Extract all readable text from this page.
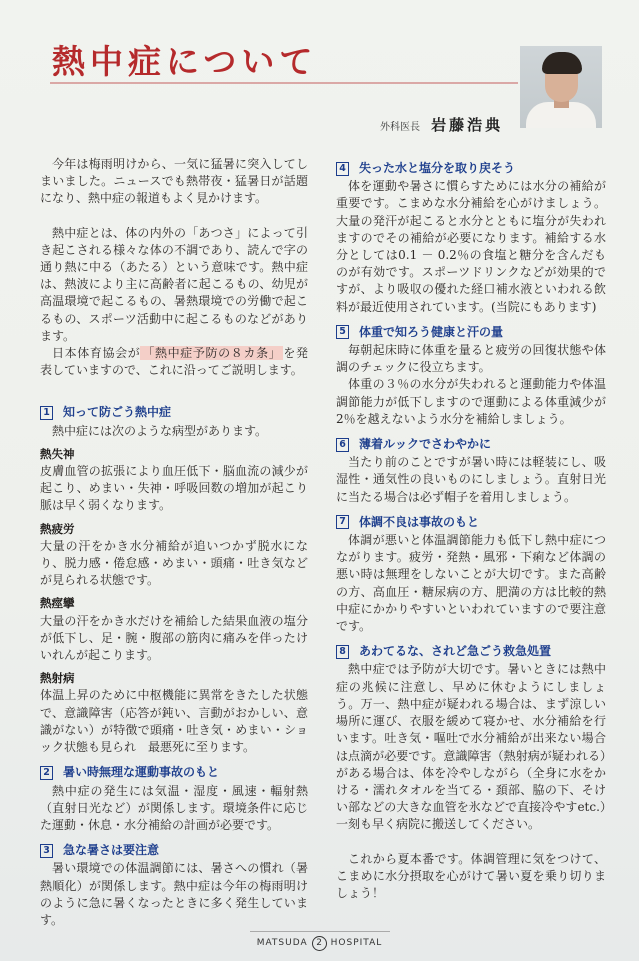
熱中症について
外科医長 岩藤浩典

今年は梅雨明けから、一気に猛暑に突入してしまいました。ニュースでも熱帯夜・猛暑日が話題になり、熱中症の報道もよく見かけます。

熱中症とは、体の内外の「あつさ」によって引き起こされる様々な体の不調であり、読んで字の通り熱に中る（あたる）という意味です。熱中症は、熱波により主に高齢者に起こるもの、幼児が高温環境で起こるもの、暑熱環境での労働で起こるもの、スポーツ活動中に起こるものなどがあります。

日本体育協会が 「熱中症予防の８カ条」 を発表していますので、これに沿ってご説明します。

1 知って防ごう熱中症

熱中症には次のような病型があります。

熱失神

皮膚血管の拡張により血圧低下・脳血流の減少が起こり、めまい・失神・呼吸回数の増加が起こり脈は早く弱くなります。

熱疲労

大量の汗をかき水分補給が追いつかず脱水になり、脱力感・倦怠感・めまい・頭痛・吐き気などが見られる状態です。

熱痙攣

大量の汗をかき水だけを補給した結果血液の塩分が低下し、足・腕・腹部の筋肉に痛みを伴ったけいれんが起こります。

熱射病

体温上昇のために中枢機能に異常をきたした状態で、意識障害（応答が鈍い、言動がおかしい、意識がない）が特徴で頭痛・吐き気・めまい・ショック状態も見られ　最悪死に至ります。

2 暑い時無理な運動事故のもと

熱中症の発生には気温・湿度・風速・輻射熱（直射日光など）が関係します。環境条件に応じた運動・休息・水分補給の計画が必要です。

3 急な暑さは要注意

暑い環境での体温調節には、暑さへの慣れ（暑熱順化）が関係します。熱中症は今年の梅雨明けのように急に暑くなったときに多く発生しています。

4 失った水と塩分を取り戻そう

体を運動や暑さに慣らすためには水分の補給が重要です。こまめな水分補給を心がけましょう。大量の発汗が起こると水分とともに塩分が失われますのでその補給が必要になります。補給する水分としては0.1 － 0.2％の食塩と糖分を含んだものが有効です。スポーツドリンクなどが効果的ですが、より吸収の優れた経口補水液といわれる飲料が最近使用されています。(当院にもあります)

5 体重で知ろう健康と汗の量

毎朝起床時に体重を量ると疲労の回復状態や体調のチェックに役立ちます。

体重の３％の水分が失われると運動能力や体温調節能力が低下しますので運動による体重減少が2％を越えないよう水分を補給しましょう。

6 薄着ルックでさわやかに

当たり前のことですが暑い時には軽装にし、吸湿性・通気性の良いものにしましょう。直射日光に当たる場合は必ず帽子を着用しましょう。

7 体調不良は事故のもと

体調が悪いと体温調節能力も低下し熱中症につながります。疲労・発熱・風邪・下痢など体調の悪い時は無理をしないことが大切です。また高齢の方、高血圧・糖尿病の方、肥満の方は比較的熱中症にかかりやすいといわれていますので要注意です。

8 あわてるな、されど急ごう救急処置

熱中症では予防が大切です。暑いときには熱中症の兆候に注意し、早めに休むようにしましょう。万一、熱中症が疑われる場合は、まず涼しい場所に運び、衣服を緩めて寝かせ、水分補給を行います。吐き気・嘔吐で水分補給が出来ない場合は点滴が必要です。意識障害（熱射病が疑われる）がある場合は、体を冷やしながら（全身に水をかける・濡れタオルを当てる・頚部、脇の下、そけい部などの大きな血管を氷などで直接冷やすetc.）一刻も早く病院に搬送してください。

これから夏本番です。体調管理に気をつけて、こまめに水分摂取を心がけて暑い夏を乗り切りましょう！

MATSUDA 2 HOSPITAL
